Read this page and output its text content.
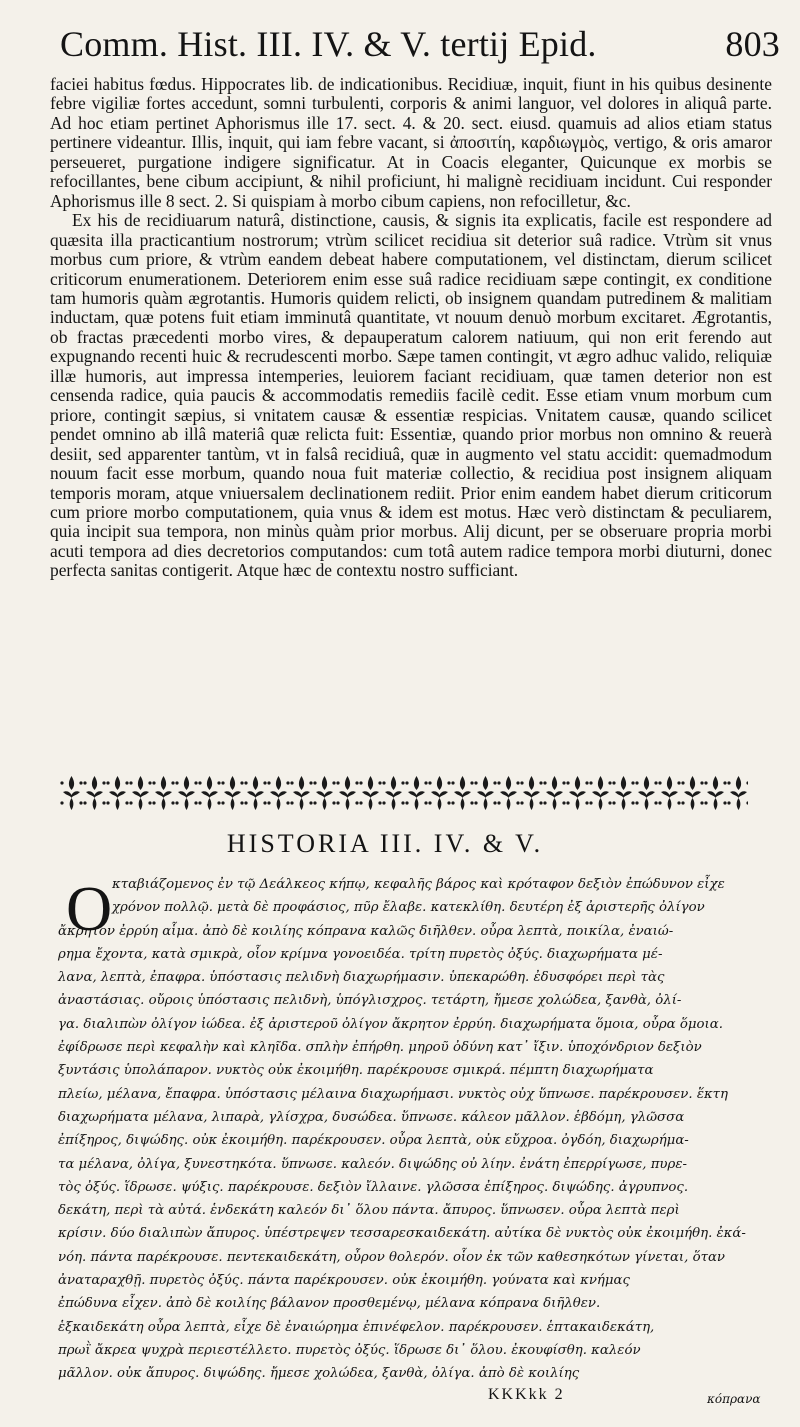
Comm. Hist. III. IV. & V. tertij Epid.	803

faciei habitus fœdus. Hippocrates lib. de indicationibus. Recidiuæ, inquit, fiunt in his quibus desinente febre vigiliæ fortes accedunt, somni turbulenti, corporis & animi languor, vel dolores in aliquâ parte. Ad hoc etiam pertinet Aphorismus ille 17. sect. 4. & 20. sect. eiusd. quamuis ad alios etiam status pertinere videantur. Illis, inquit, qui iam febre vacant, si ἀποσιτίη, καρδιωγμὸς, vertigo, & oris amaror perseueret, purgatione indigere significatur. At in Coacis eleganter, Quicunque ex morbis se refocillantes, bene cibum accipiunt, & nihil proficiunt, hi malignè recidiuam incidunt. Cui responder Aphorismus ille 8 sect. 2. Si quispiam à morbo cibum capiens, non refocilletur, &c.

Ex his de recidiuarum naturâ, distinctione, causis, & signis ita explicatis, facile est respondere ad quæsita illa practicantium nostrorum; vtrùm scilicet recidiua sit deterior suâ radice. Vtrùm sit vnus morbus cum priore, & vtrùm eandem debeat habere computationem, vel distinctam, dierum scilicet criticorum enumerationem. Deteriorem enim esse suâ radice recidiuam sæpe contingit, ex conditione tam humoris quàm ægrotantis. Humoris quidem relicti, ob insignem quandam putredinem & malitiam inductam, quæ potens fuit etiam imminutâ quantitate, vt nouum denuò morbum excitaret. Ægrotantis, ob fractas præcedenti morbo vires, & depauperatum calorem natiuum, qui non erit ferendo aut expugnando recenti huic & recrudescenti morbo. Sæpe tamen contingit, vt ægro adhuc valido, reliquiæ illæ humoris, aut impressa intemperies, leuiorem faciant recidiuam, quæ tamen deterior non est censenda radice, quia paucis & accommodatis remediis facilè cedit. Esse etiam vnum morbum cum priore, contingit sæpius, si vnitatem causæ & essentiæ respicias. Vnitatem causæ, quando scilicet pendet omnino ab illâ materiâ quæ relicta fuit: Essentiæ, quando prior morbus non omnino & reuerà desiit, sed apparenter tantùm, vt in falsâ recidiuâ, quæ in augmento vel statu accidit: quemadmodum nouum facit esse morbum, quando noua fuit materiæ collectio, & recidiua post insignem aliquam temporis moram, atque vniuersalem declinationem rediit. Prior enim eandem habet dierum criticorum cum priore morbo computationem, quia vnus & idem est motus. Hæc verò distinctam & peculiarem, quia incipit sua tempora, non minùs quàm prior morbus. Alij dicunt, per se obseruare propria morbi acuti tempora ad dies decretorios computandos: cum totâ autem radice tempora morbi diuturni, donec perfecta sanitas contigerit. Atque hæc de contextu nostro sufficiant.

HISTORIA III. IV. & V.
O κταβιάζομενος ἐν τῷ Δεάλκεος κήπῳ, κεφαλῆς βάρος καὶ κρόταφον δεξιὸν ἐπώδυνον εἶχε
χρόνον πολλῷ. μετὰ δὲ προφάσιος, πῦρ ἔλαβε. κατεκλίθη. δευτέρη ἐξ ἀριστερῆς ὀλίγον
ἄκρητον ἐρρύη αἷμα. ἀπὸ δὲ κοιλίης κόπρανα καλῶς διῆλθεν. οὖρα λεπτὰ, ποικίλα, ἐναιώ-
ρημα ἔχοντα, κατὰ σμικρὰ, οἷον κρίμνα γονοειδέα. τρίτη πυρετὸς ὀξύς. διαχωρήματα μέ-
λανα, λεπτὰ, ἐπαφρα. ὑπόστασις πελιδνὴ διαχωρήμασιν. ὑπεκαρώθη. ἐδυσφόρει περὶ τὰς
ἀναστάσιας. οὔροις ὑπόστασις πελιδνὴ, ὑπόγλισχρος. τετάρτη, ἤμεσε χολώδεα, ξανθὰ, ὀλί-
γα. διαλιπὼν ὀλίγον ἰώδεα. ἐξ ἀριστεροῦ ὀλίγον ἄκρητον ἐρρύη. διαχωρήματα ὅμοια, οὖρα ὅμοια.
ἐφίδρωσε περὶ κεφαλὴν καὶ κληῖδα. σπλὴν ἐπήρθη. μηροῦ ὀδύνη κατ᾽ ἴξιν. ὑποχόνδριον δεξιὸν
ξυντάσις ὑπολάπαρον. νυκτὸς οὐκ ἐκοιμήθη. παρέκρουσε σμικρά. πέμπτη διαχωρήματα
πλείω, μέλανα, ἔπαφρα. ὑπόστασις μέλαινα διαχωρήμασι. νυκτὸς οὐχ ὕπνωσε. παρέκρουσεν. ἕκτη
διαχωρήματα μέλανα, λιπαρὰ, γλίσχρα, δυσώδεα. ὕπνωσε. κάλεον μᾶλλον. ἑβδόμη, γλῶσσα
ἐπίξηρος, διψώδης. οὐκ ἐκοιμήθη. παρέκρουσεν. οὖρα λεπτὰ, οὐκ εὔχροα. ὀγδόη, διαχωρήμα-
τα μέλανα, ὀλίγα, ξυνεστηκότα. ὕπνωσε. καλεόν. διψώδης οὐ λίην. ἐνάτη ἐπερρίγωσε, πυρε-
τὸς ὀξύς. ἵδρωσε. ψύξις. παρέκρουσε. δεξιὸν ἴλλαινε. γλῶσσα ἐπίξηρος. διψώδης. ἀγρυπνος.
δεκάτη, περὶ τὰ αὐτά. ἑνδεκάτη καλεόν δι᾽ ὅλου πάντα. ἄπυρος. ὕπνωσεν. οὖρα λεπτὰ περὶ
κρίσιν. δύο διαλιπὼν ἄπυρος. ὑπέστρεψεν τεσσαρεσκαιδεκάτη. αὐτίκα δὲ νυκτὸς οὐκ ἐκοιμήθη. ἐκά-
νόη. πάντα παρέκρουσε. πεντεκαιδεκάτη, οὖρον θολερόν. οἷον ἐκ τῶν καθεσηκότων γίνεται, ὅταν
ἀναταραχθῇ. πυρετὸς ὀξύς. πάντα παρέκρουσεν. οὐκ ἐκοιμήθη. γούνατα καὶ κνήμας
ἐπώδυνα εἶχεν. ἀπὸ δὲ κοιλίης βάλανον προσθεμένῳ, μέλανα κόπρανα διῆλθεν.
ἑξκαιδεκάτη οὖρα λεπτὰ, εἶχε δὲ ἐναιώρημα ἐπινέφελον. παρέκρουσεν. ἑπτακαιδεκάτη,
πρωῒ ἄκρεα ψυχρὰ περιεστέλλετο. πυρετὸς ὀξύς. ἵδρωσε δι᾽ ὅλου. ἐκουφίσθη. καλεόν
μᾶλλον. οὐκ ἄπυρος. διψώδης. ἤμεσε χολώδεα, ξανθὰ, ὀλίγα. ἀπὸ δὲ κοιλίης

KKKkk 2	κόπρανα
